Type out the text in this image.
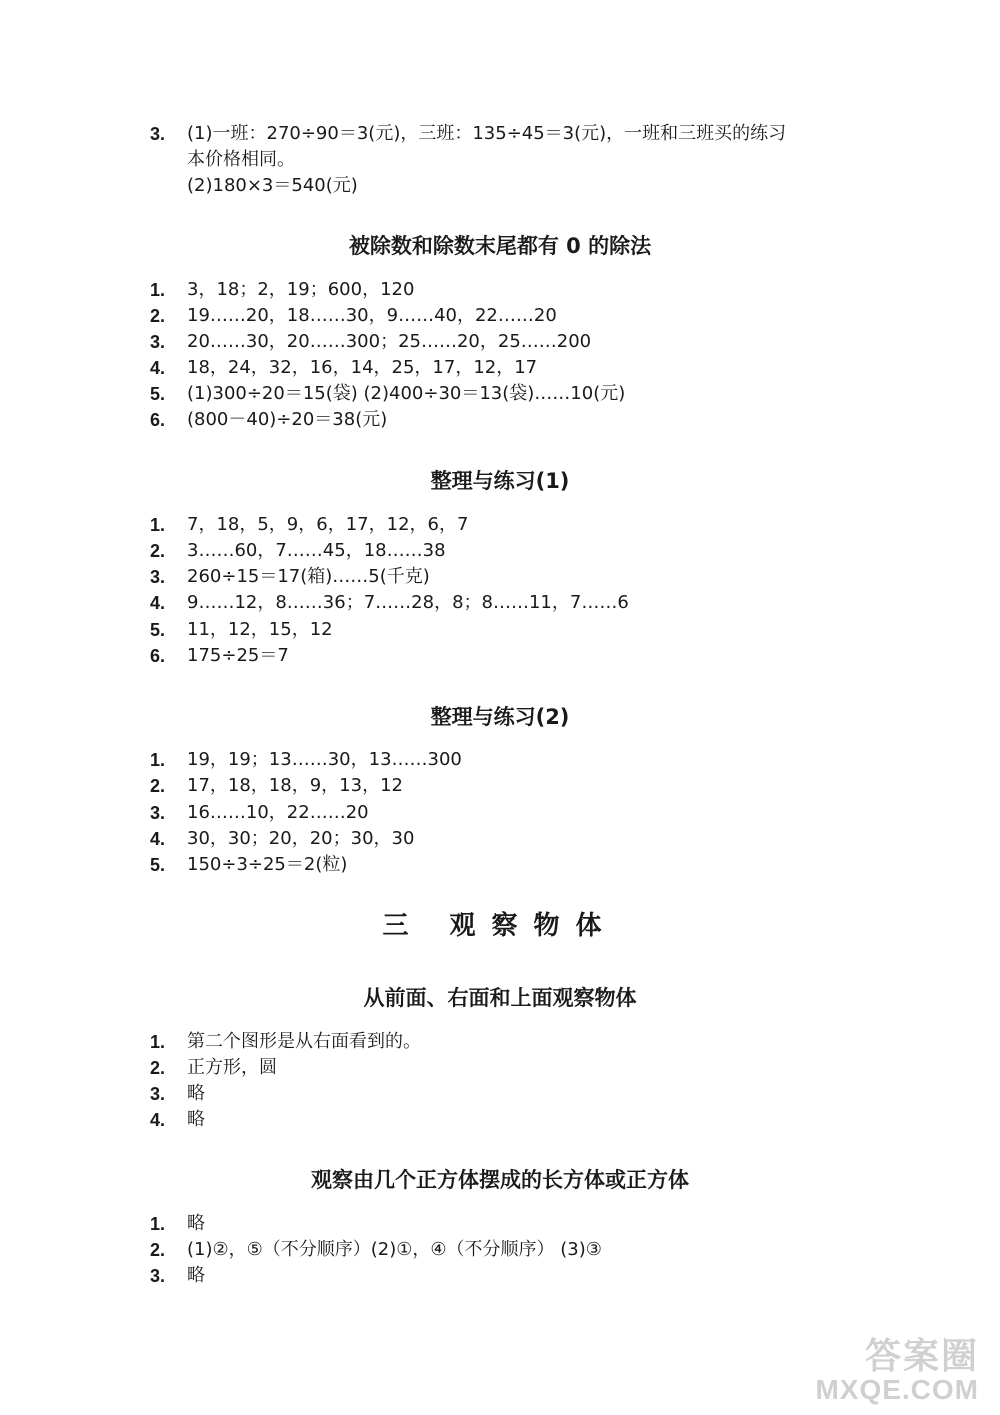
3. (1)一班：270÷90＝3(元)，三班：135÷45＝3(元)，一班和三班买的练习
本价格相同。
(2)180×3＝540(元)
被除数和除数末尾都有 0 的除法
1. 3，18；2，19；600，120
2. 19……20，18……30，9……40，22……20
3. 20……30，20……300；25……20，25……200
4. 18，24，32，16，14，25，17，12，17
5. (1)300÷20＝15(袋) (2)400÷30＝13(袋)……10(元)
6. (800－40)÷20＝38(元)
整理与练习(1)
1. 7，18，5，9，6，17，12，6，7
2. 3……60，7……45，18……38
3. 260÷15＝17(箱)……5(千克)
4. 9……12，8……36；7……28，8；8……11，7……6
5. 11，12，15，12
6. 175÷25＝7
整理与练习(2)
1. 19，19；13……30，13……300
2. 17，18，18，9，13，12
3. 16……10，22……20
4. 30，30；20，20；30，30
5. 150÷3÷25＝2(粒)
三 观察物体
从前面、右面和上面观察物体
1. 第二个图形是从右面看到的。
2. 正方形，圆
3. 略
4. 略
观察由几个正方体摆成的长方体或正方体
1. 略
2. (1)②，⑤（不分顺序）(2)①，④（不分顺序） (3)③
3. 略
答案圈
MXQE.COM
